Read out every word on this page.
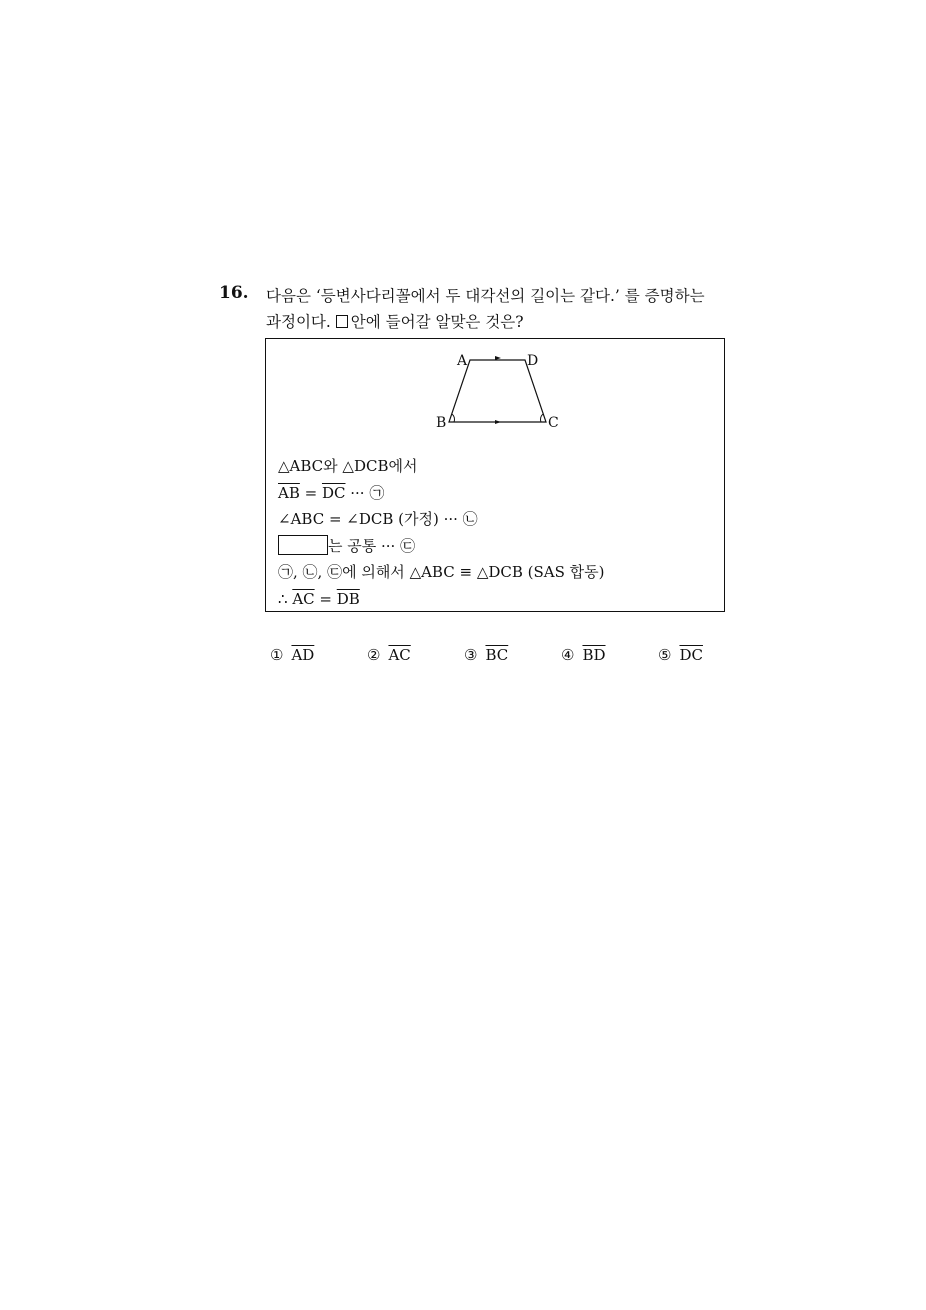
16. 다음은 ‘등변사다리꼴에서 두 대각선의 길이는 같다.’ 를 증명하는
과정이다. 안에 들어갈 알맞은 것은?
A	D
B	C
△ABC와 △DCB에서
$\overline{AB} = \overline{DC}$ ··· ㉠
∠ABC = ∠DCB (가정) ··· ㉡
는 공통 ··· ㉢
㉠, ㉡, ㉢에 의해서 △ABC ≡ △DCB (SAS 합동)
∴ $\overline{AC} = \overline{DB}$
① $\overline{AD}$	② $\overline{AC}$	③ $\overline{BC}$	④ $\overline{BD}$	⑤ $\overline{DC}$
